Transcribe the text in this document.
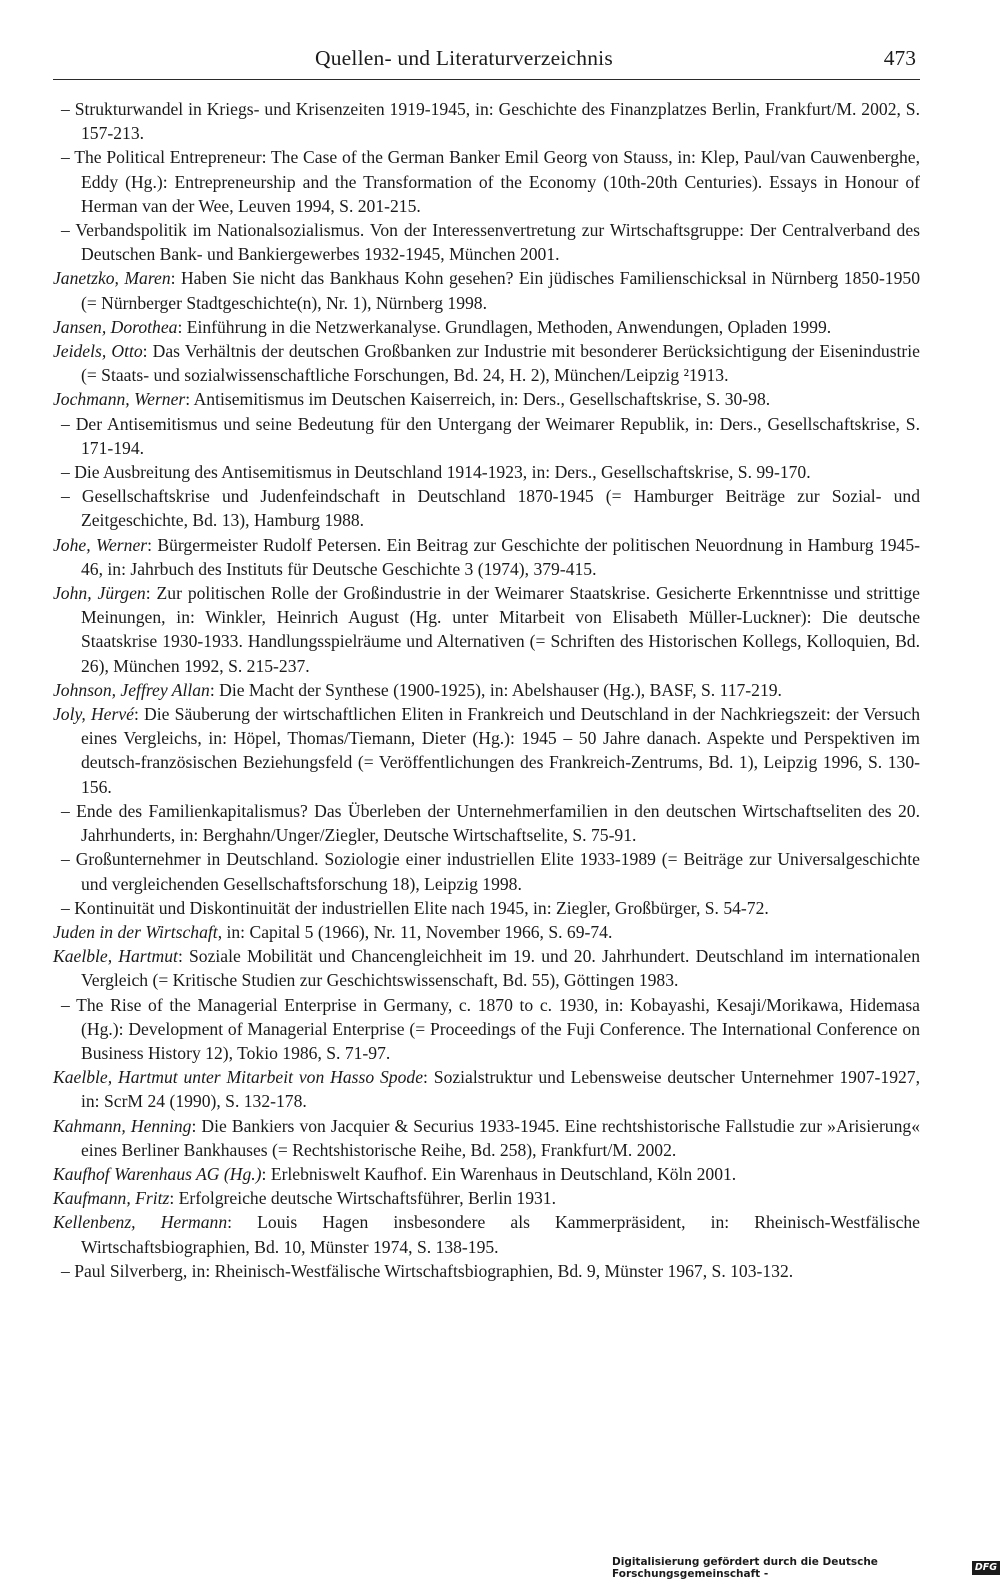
Quellen- und Literaturverzeichnis	473

– Strukturwandel in Kriegs- und Krisenzeiten 1919-1945, in: Geschichte des Finanzplatzes Berlin, Frankfurt/M. 2002, S. 157-213.

– The Political Entrepreneur: The Case of the German Banker Emil Georg von Stauss, in: Klep, Paul/van Cauwenberghe, Eddy (Hg.): Entrepreneurship and the Transformation of the Economy (10th-20th Centuries). Essays in Honour of Herman van der Wee, Leuven 1994, S. 201-215.

– Verbandspolitik im Nationalsozialismus. Von der Interessenvertretung zur Wirtschaftsgruppe: Der Centralverband des Deutschen Bank- und Bankiergewerbes 1932-1945, München 2001.

Janetzko, Maren: Haben Sie nicht das Bankhaus Kohn gesehen? Ein jüdisches Familienschicksal in Nürnberg 1850-1950 (= Nürnberger Stadtgeschichte(n), Nr. 1), Nürnberg 1998.

Jansen, Dorothea: Einführung in die Netzwerkanalyse. Grundlagen, Methoden, Anwendungen, Opladen 1999.

Jeidels, Otto: Das Verhältnis der deutschen Großbanken zur Industrie mit besonderer Berücksichtigung der Eisenindustrie (= Staats- und sozialwissenschaftliche Forschungen, Bd. 24, H. 2), München/Leipzig ²1913.

Jochmann, Werner: Antisemitismus im Deutschen Kaiserreich, in: Ders., Gesellschaftskrise, S. 30-98.

– Der Antisemitismus und seine Bedeutung für den Untergang der Weimarer Republik, in: Ders., Gesellschaftskrise, S. 171-194.

– Die Ausbreitung des Antisemitismus in Deutschland 1914-1923, in: Ders., Gesellschaftskrise, S. 99-170.

– Gesellschaftskrise und Judenfeindschaft in Deutschland 1870-1945 (= Hamburger Beiträge zur Sozial- und Zeitgeschichte, Bd. 13), Hamburg 1988.

Johe, Werner: Bürgermeister Rudolf Petersen. Ein Beitrag zur Geschichte der politischen Neuordnung in Hamburg 1945-46, in: Jahrbuch des Instituts für Deutsche Geschichte 3 (1974), 379-415.

John, Jürgen: Zur politischen Rolle der Großindustrie in der Weimarer Staatskrise. Gesicherte Erkenntnisse und strittige Meinungen, in: Winkler, Heinrich August (Hg. unter Mitarbeit von Elisabeth Müller-Luckner): Die deutsche Staatskrise 1930-1933. Handlungsspielräume und Alternativen (= Schriften des Historischen Kollegs, Kolloquien, Bd. 26), München 1992, S. 215-237.

Johnson, Jeffrey Allan: Die Macht der Synthese (1900-1925), in: Abelshauser (Hg.), BASF, S. 117-219.

Joly, Hervé: Die Säuberung der wirtschaftlichen Eliten in Frankreich und Deutschland in der Nachkriegszeit: der Versuch eines Vergleichs, in: Höpel, Thomas/Tiemann, Dieter (Hg.): 1945 – 50 Jahre danach. Aspekte und Perspektiven im deutsch-französischen Beziehungsfeld (= Veröffentlichungen des Frankreich-Zentrums, Bd. 1), Leipzig 1996, S. 130-156.

– Ende des Familienkapitalismus? Das Überleben der Unternehmerfamilien in den deutschen Wirtschaftseliten des 20. Jahrhunderts, in: Berghahn/Unger/Ziegler, Deutsche Wirtschaftselite, S. 75-91.

– Großunternehmer in Deutschland. Soziologie einer industriellen Elite 1933-1989 (= Beiträge zur Universalgeschichte und vergleichenden Gesellschaftsforschung 18), Leipzig 1998.

– Kontinuität und Diskontinuität der industriellen Elite nach 1945, in: Ziegler, Großbürger, S. 54-72.

Juden in der Wirtschaft, in: Capital 5 (1966), Nr. 11, November 1966, S. 69-74.

Kaelble, Hartmut: Soziale Mobilität und Chancengleichheit im 19. und 20. Jahrhundert. Deutschland im internationalen Vergleich (= Kritische Studien zur Geschichtswissenschaft, Bd. 55), Göttingen 1983.

– The Rise of the Managerial Enterprise in Germany, c. 1870 to c. 1930, in: Kobayashi, Kesaji/Morikawa, Hidemasa (Hg.): Development of Managerial Enterprise (= Proceedings of the Fuji Conference. The International Conference on Business History 12), Tokio 1986, S. 71-97.

Kaelble, Hartmut unter Mitarbeit von Hasso Spode: Sozialstruktur und Lebensweise deutscher Unternehmer 1907-1927, in: ScrM 24 (1990), S. 132-178.

Kahmann, Henning: Die Bankiers von Jacquier & Securius 1933-1945. Eine rechtshistorische Fallstudie zur »Arisierung« eines Berliner Bankhauses (= Rechtshistorische Reihe, Bd. 258), Frankfurt/M. 2002.

Kaufhof Warenhaus AG (Hg.): Erlebniswelt Kaufhof. Ein Warenhaus in Deutschland, Köln 2001.

Kaufmann, Fritz: Erfolgreiche deutsche Wirtschaftsführer, Berlin 1931.

Kellenbenz, Hermann: Louis Hagen insbesondere als Kammerpräsident, in: Rheinisch-Westfälische Wirtschaftsbiographien, Bd. 10, Münster 1974, S. 138-195.

– Paul Silverberg, in: Rheinisch-Westfälische Wirtschaftsbiographien, Bd. 9, Münster 1967, S. 103-132.

Digitalisierung gefördert durch die Deutsche Forschungsgemeinschaft -
DFG
